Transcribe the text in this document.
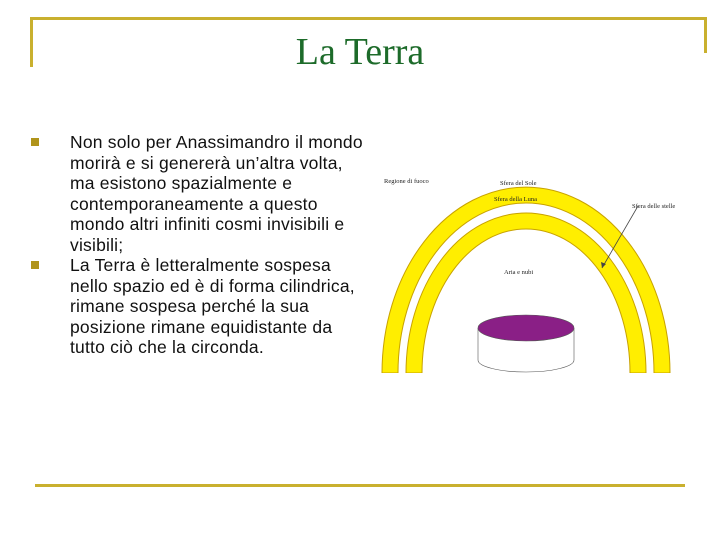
La Terra
Non solo per Anassimandro il mondo morirà e si genererà un’altra volta, ma esistono spazialmente e contemporaneamente a questo mondo altri infiniti cosmi invisibili e visibili;
La Terra è letteralmente sospesa nello spazio ed è di forma cilindrica, rimane sospesa perché la sua posizione rimane equidistante da tutto ciò che la circonda.
Regione di fuoco	Sfera del Sole
Sfera della Luna
Sfera delle stelle
Aria e nubi
